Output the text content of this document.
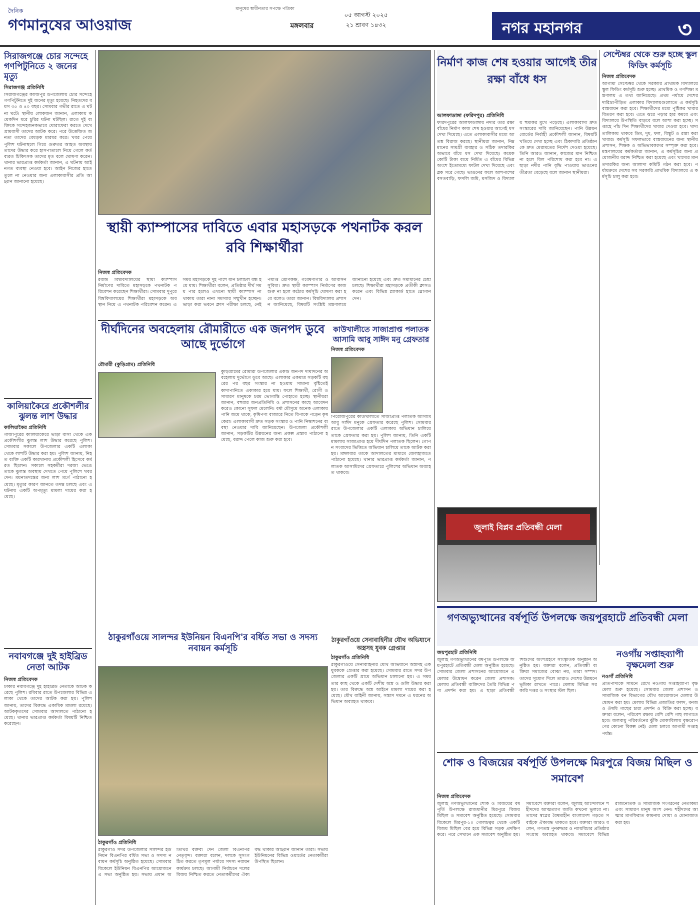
মানুষের স্বাধীনতার সপক্ষে পত্রিকা
দৈনিক
গণমানুষের আওয়াজ
০৫ আগস্ট ২০২৫
মঙ্গলবার	২১ শ্রাবণ ১৪৩২	নগর মহানগর	৩
সিরাজগঞ্জে চোর সন্দেহে গণপিটুনিতে ২ জনের মৃত্যু
সিরাজগঞ্জ প্রতিনিধি
সিরাজগঞ্জের কাজিপুর উপজেলায় চোর সন্দেহে গণপিটুনিতে দুই জনের মৃত্যু হয়েছে। নিহতদের বয়স ৩৫ ও ৪০ বছর। সোমবার গভীর রাতে এ ঘটনা ঘটে। স্থানীয় লোকজন জানান, এলাকায় কয়েকদিন ধরে চুরির ঘটনা ঘটছিল। রাতে দুই ব্যক্তিকে সন্দেহজনকভাবে ঘোরাফেরা করতে দেখে গ্রামবাসী তাদের আটক করে। পরে উত্তেজিত জনতা তাদের বেধড়ক মারধর করে। খবর পেয়ে পুলিশ ঘটনাস্থলে গিয়ে গুরুতর আহত অবস্থায় তাদের উদ্ধার করে হাসপাতালে নিয়ে গেলে কর্তব্যরত চিকিৎসক তাদের মৃত বলে ঘোষণা করেন। থানার ভারপ্রাপ্ত কর্মকর্তা জানান, এ ঘটনায় আইনগত ব্যবস্থা নেওয়া হবে। আইন নিজের হাতে তুলে না নেওয়ার জন্য এলাকাবাসীর প্রতি আহ্বান জানানো হয়েছে।
কালিয়াকৈরে প্রকৌশলীর ঝুলন্ত লাশ উদ্ধার
কালিয়াকৈর প্রতিনিধি
গাজীপুরের কালিয়াকৈরে ভাড়া বাসা থেকে এক প্রকৌশলীর ঝুলন্ত লাশ উদ্ধার করেছে পুলিশ। সোমবার সকালে উপজেলার একটি এলাকা থেকে লাশটি উদ্ধার করা হয়। পুলিশ জানায়, নিহত ব্যক্তি একটি কারখানায় প্রকৌশলী হিসেবে কর্মরত ছিলেন। সকালে সহকর্মীরা দরজা ভেঙে তাকে ঝুলন্ত অবস্থায় দেখতে পেয়ে পুলিশে খবর দেন। ময়নাতদন্তের জন্য লাশ মর্গে পাঠানো হয়েছে। মৃত্যুর কারণ জানতে তদন্ত চলছে এবং এ ঘটনায় একটি অপমৃত্যু মামলা দায়ের করা হয়েছে।
নবাবগঞ্জে দুই হাইব্রিড নেতা আটক
নিজস্ব প্রতিবেদক
ঢাকার নবাবগঞ্জে দুই হাইব্রিড নেতাকে আটক করেছে পুলিশ। রবিবার রাতে উপজেলার বিভিন্ন এলাকা থেকে তাদের আটক করা হয়। পুলিশ জানায়, তাদের বিরুদ্ধে একাধিক মামলা রয়েছে। আটককৃতদের সোমবার আদালতে পাঠানো হয়েছে। থানার ভারপ্রাপ্ত কর্মকর্তা বিষয়টি নিশ্চিত করেছেন।
স্থায়ী ক্যাম্পাসের দাবিতে এবার মহাসড়কে পথনাটক করল রবি শিক্ষার্থীরা
নিজস্ব প্রতিবেদক
রবীন্দ্র বিশ্ববিদ্যালয়ের স্থায়ী ক্যাম্পাস নির্মাণের দাবিতে মহাসড়কে পথনাটক পরিবেশন করেছেন শিক্ষার্থীরা। সোমবার দুপুরে বিশ্ববিদ্যালয়ের শিক্ষার্থীরা মহাসড়কে অবস্থান নিয়ে এ পথনাটক পরিবেশন করেন। এ সময় মহাসড়কে দুই পাশে যান চলাচল বন্ধ হয়ে যায়। শিক্ষার্থীরা বলেন, প্রতিষ্ঠার দীর্ঘ সময় পার হলেও এখনো স্থায়ী ক্যাম্পাস না থাকায় তারা নানা সমস্যার সম্মুখীন হচ্ছেন। ভাড়া করা ভবনে ক্লাস পরীক্ষা চলছে, নেই পর্যাপ্ত শ্রেণিকক্ষ, গবেষণাগার ও আবাসন সুবিধা। দ্রুত স্থায়ী ক্যাম্পাস নির্মাণের কাজ শুরু না হলে কঠোর কর্মসূচি ঘোষণা করা হবে বলেও তারা জানান। বিশ্ববিদ্যালয় প্রশাসন জানিয়েছে, বিষয়টি সংশ্লিষ্ট মন্ত্রণালয়ে জানানো হয়েছে এবং দ্রুত সমাধানের চেষ্টা চলছে। শিক্ষার্থীরা মহাসড়কে প্রতীকী ক্লাসও করেন এবং বিভিন্ন প্ল্যাকার্ড হাতে স্লোগান দেন।
দীর্ঘদিনের অবহেলায় রৌমারীতে এক জনপদ ডুবে আছে দুর্ভোগে
রৌমারী (কুড়িগ্রাম) প্রতিনিধি
কুড়িগ্রামের রৌমারী উপজেলার একটি জনপদ দীর্ঘদিনের অবহেলায় দুর্ভোগে ডুবে আছে। এলাকার একমাত্র সড়কটি বছরের পর বছর সংস্কার না হওয়ায় সামান্য বৃষ্টিতেই কাদাপানিতে একাকার হয়ে যায়। ফলে শিক্ষার্থী, রোগী ও সাধারণ মানুষকে চরম ভোগান্তি পোহাতে হচ্ছে। স্থানীয়রা জানান, বহুবার জনপ্রতিনিধি ও প্রশাসনের কাছে আবেদন করেও কোনো সুফল মেলেনি। বর্ষা মৌসুমে অনেক এলাকায় পানি জমে থাকে, কৃষিপণ্য বাজারে নিতে বিপাকে পড়েন কৃষকেরা। এলাকাবাসী দ্রুত সড়ক সংস্কার ও পানি নিষ্কাশনের ব্যবস্থা নেওয়ার দাবি জানিয়েছেন। উপজেলা প্রকৌশলী জানান, সড়কটির উন্নয়নের জন্য প্রকল্প প্রস্তাব পাঠানো হয়েছে, বরাদ্দ পেলে কাজ শুরু করা হবে।
কাউখালীতে সাজাপ্রাপ্ত পলাতক আসামি আবু সাঈদ মনু গ্রেফতার
নিজস্ব প্রতিবেদক
পিরোজপুরের কাউখালীতে সাজাপ্রাপ্ত পলাতক আসামি আবু সাঈদ মনুকে গ্রেফতার করেছে পুলিশ। সোমবার রাতে উপজেলার একটি এলাকায় অভিযান চালিয়ে তাকে গ্রেফতার করা হয়। পুলিশ জানায়, তিনি একটি মামলায় সাজাপ্রাপ্ত হয়ে দীর্ঘদিন পলাতক ছিলেন। গোপন সংবাদের ভিত্তিতে অভিযান চালিয়ে তাকে আটক করা হয়। মঙ্গলবার তাকে আদালতের মাধ্যমে জেলহাজতে পাঠানো হয়েছে। থানার ভারপ্রাপ্ত কর্মকর্তা জানান, পলাতক আসামিদের গ্রেফতারে পুলিশের অভিযান অব্যাহত থাকবে।
ঠাকুরগাঁওয়ে সেনাবাহিনীর যৌথ অভিযানে অস্ত্রসহ যুবক গ্রেপ্তার
ঠাকুরগাঁও প্রতিনিধি
ঠাকুরগাঁওয়ে সেনাবাহিনীর যৌথ অভিযানে অস্ত্রসহ এক যুবককে গ্রেপ্তার করা হয়েছে। সোমবার রাতে সদর উপজেলার একটি গ্রামে অভিযান চালানো হয়। এ সময় তার কাছ থেকে একটি দেশীয় অস্ত্র ও গুলি উদ্ধার করা হয়। তার বিরুদ্ধে অস্ত্র আইনে মামলা দায়ের করা হয়েছে। যৌথ বাহিনী জানায়, সন্ত্রাস দমনে এ ধরনের অভিযান অব্যাহত থাকবে।
ঠাকুরগাঁওয়ে সালন্দর ইউনিয়ন বিএনপি'র বর্ধিত সভা ও সদস্য নবায়ন কর্মসূচি
ঠাকুরগাঁও প্রতিনিধি
ঠাকুরগাঁও সদর উপজেলার সালন্দর ইউনিয়ন বিএনপির বর্ধিত সভা ও সদস্য নবায়ন কর্মসূচি অনুষ্ঠিত হয়েছে। সোমবার বিকেলে ইউনিয়ন বিএনপির আয়োজনে এ সভা অনুষ্ঠিত হয়। সভায় প্রধান অতিথির বক্তব্য দেন জেলা বিএনপির নেতৃবৃন্দ। বক্তারা বলেন, দলকে সুসংগঠিত করতে তৃণমূল পর্যায়ে সদস্য নবায়ন কার্যক্রম চলছে। আগামী নির্বাচনে দলের বিজয় নিশ্চিত করতে নেতাকর্মীদের ঐক্যবদ্ধ থাকার আহ্বান জানান তারা। সভায় ইউনিয়নের বিভিন্ন ওয়ার্ডের নেতাকর্মীরা উপস্থিত ছিলেন।
নির্মাণ কাজ শেষ হওয়ার আগেই তীর রক্ষা বাঁধে ধস
আলফাডাঙ্গা (ফরিদপুর) প্রতিনিধি
ফরিদপুরের আলফাডাঙ্গায় নদীর তীর রক্ষা বাঁধের নির্মাণ কাজ শেষ হওয়ার আগেই ধস দেখা দিয়েছে। এতে এলাকাবাসীর মধ্যে আতঙ্ক বিরাজ করছে। স্থানীয়রা জানান, নিম্নমানের সামগ্রী ব্যবহার ও সঠিক তদারকির অভাবে বাঁধে ধস দেখা দিয়েছে। কয়েক কোটি টাকা ব্যয়ে নির্মিত এ বাঁধের বিভিন্ন অংশে ইতোমধ্যে ফাটল দেখা দিয়েছে এবং ব্লক সরে গেছে। ভাঙনের ফলে আশপাশের বসতবাড়ি, ফসলি জমি, মসজিদ ও বিদ্যালয় হুমকির মুখে পড়েছে। এলাকাবাসী দ্রুত সংস্কারের দাবি জানিয়েছেন। পানি উন্নয়ন বোর্ডের নির্বাহী প্রকৌশলী জানান, বিষয়টি খতিয়ে দেখা হচ্ছে এবং ঠিকাদারি প্রতিষ্ঠানকে দ্রুত মেরামতের নির্দেশ দেওয়া হয়েছে। তিনি আরও জানান, কাজের মান নিশ্চিত না হলে বিল পরিশোধ করা হবে না। এ ছাড়া নদীর পানি বৃদ্ধি পাওয়ায় ভাঙনের তীব্রতা বেড়েছে বলে জানান স্থানীয়রা।
সেপ্টেম্বর থেকে শুরু হচ্ছে স্কুল ফিডিং কর্মসূচি
নিজস্ব প্রতিবেদক
আগামী সেপ্টেম্বর থেকে সরকারি প্রাথমিক বিদ্যালয়ে স্কুল ফিডিং কর্মসূচি শুরু হচ্ছে। প্রাথমিক ও গণশিক্ষা মন্ত্রণালয় এ তথ্য জানিয়েছে। প্রথম পর্যায়ে দেশের দারিদ্র্যপীড়িত এলাকার বিদ্যালয়গুলোতে এ কর্মসূচি বাস্তবায়ন করা হবে। শিক্ষার্থীদের মধ্যে পুষ্টিকর খাবার বিতরণ করা হবে। এতে ঝরে পড়ার হার কমবে এবং বিদ্যালয়ে উপস্থিতি বাড়বে বলে আশা করা হচ্ছে। সপ্তাহে পাঁচ দিন শিক্ষার্থীদের খাবার দেওয়া হবে। খাদ্য তালিকায় থাকবে ডিম, দুধ, ফল, বিস্কুট ও রান্না করা খাবার। কর্মসূচি সফলভাবে বাস্তবায়নের জন্য স্থানীয় প্রশাসন, শিক্ষক ও অভিভাবকদের সম্পৃক্ত করা হবে। মন্ত্রণালয়ের কর্মকর্তারা জানান, এ কর্মসূচির জন্য প্রয়োজনীয় বরাদ্দ নিশ্চিত করা হয়েছে এবং খাদ্যের মান তদারকির জন্য আলাদা কমিটি গঠন করা হবে। পর্যায়ক্রমে দেশের সব সরকারি প্রাথমিক বিদ্যালয়ে এ কর্মসূচি চালু করা হবে।
জুলাই বিপ্লব প্রতিবন্ধী মেলা
গণঅভ্যুত্থানের বর্ষপূর্তি উপলক্ষে জয়পুরহাটে প্রতিবন্ধী মেলা
জয়পুরহাট প্রতিনিধি
জুলাই গণঅভ্যুত্থানের বর্ষপূর্তি উপলক্ষে জয়পুরহাটে প্রতিবন্ধী মেলা অনুষ্ঠিত হয়েছে। সোমবার জেলা প্রশাসনের আয়োজনে এ মেলার উদ্বোধন করেন জেলা প্রশাসক। মেলায় প্রতিবন্ধী ব্যক্তিদের তৈরি বিভিন্ন পণ্য প্রদর্শন করা হয়। এ ছাড়া প্রতিবন্ধী শিশুদের অংশগ্রহণে সাংস্কৃতিক অনুষ্ঠান অনুষ্ঠিত হয়। বক্তারা বলেন, প্রতিবন্ধী ব্যক্তিরা সমাজের বোঝা নয়, তারা সম্পদ। তাদের সুযোগ দিলে তারাও দেশের উন্নয়নে ভূমিকা রাখতে পারে। মেলায় বিভিন্ন সরকারি দপ্তর ও সংস্থার স্টল ছিল।
নওগাঁয় সপ্তাহব্যাপী বৃক্ষমেলা শুরু
নওগাঁ প্রতিনিধি
প্রতিপাদ্যকে সামনে রেখে নওগাঁয় সপ্তাহব্যাপী বৃক্ষমেলা শুরু হয়েছে। সোমবার জেলা প্রশাসন ও সামাজিক বন বিভাগের যৌথ আয়োজনে মেলার উদ্বোধন করা হয়। মেলায় বিভিন্ন প্রজাতির ফলদ, বনজ ও ঔষধি গাছের চারা প্রদর্শন ও বিক্রি করা হচ্ছে। বক্তারা বলেন, পরিবেশ রক্ষায় বেশি বেশি গাছ লাগাতে হবে। জলবায়ু পরিবর্তনের ঝুঁকি মোকাবিলায় বৃক্ষরোপণের কোনো বিকল্প নেই। মেলা চলবে আগামী সপ্তাহ পর্যন্ত।
শোক ও বিজয়ের বর্ষপূর্তি উপলক্ষে মিরপুরে বিজয় মিছিল ও সমাবেশ
নিজস্ব প্রতিবেদক
জুলাই গণঅভ্যুত্থানের শোক ও বিজয়ের বর্ষপূর্তি উপলক্ষে রাজধানীর মিরপুরে বিজয় মিছিল ও সমাবেশ অনুষ্ঠিত হয়েছে। সোমবার বিকেলে মিরপুর-১০ গোলচত্বর থেকে একটি বিজয় মিছিল বের হয়ে বিভিন্ন সড়ক প্রদক্ষিণ করে। পরে সেখানে এক সমাবেশ অনুষ্ঠিত হয়। সমাবেশে বক্তারা বলেন, জুলাই আন্দোলনে শহীদদের আত্মত্যাগ জাতি কখনো ভুলবে না। তাদের স্বপ্নের বৈষম্যহীন বাংলাদেশ গড়তে সবাইকে ঐক্যবদ্ধ থাকতে হবে। বক্তারা আরও বলেন, গণতন্ত্র পুনরুদ্ধার ও ন্যায়বিচার প্রতিষ্ঠার সংগ্রাম অব্যাহত থাকবে। সমাবেশে বিভিন্ন রাজনৈতিক ও সামাজিক সংগঠনের নেতাকর্মী এবং সাধারণ মানুষ অংশ নেন। শহীদদের আত্মার মাগফিরাত কামনায় দোয়া ও মোনাজাত করা হয়।
